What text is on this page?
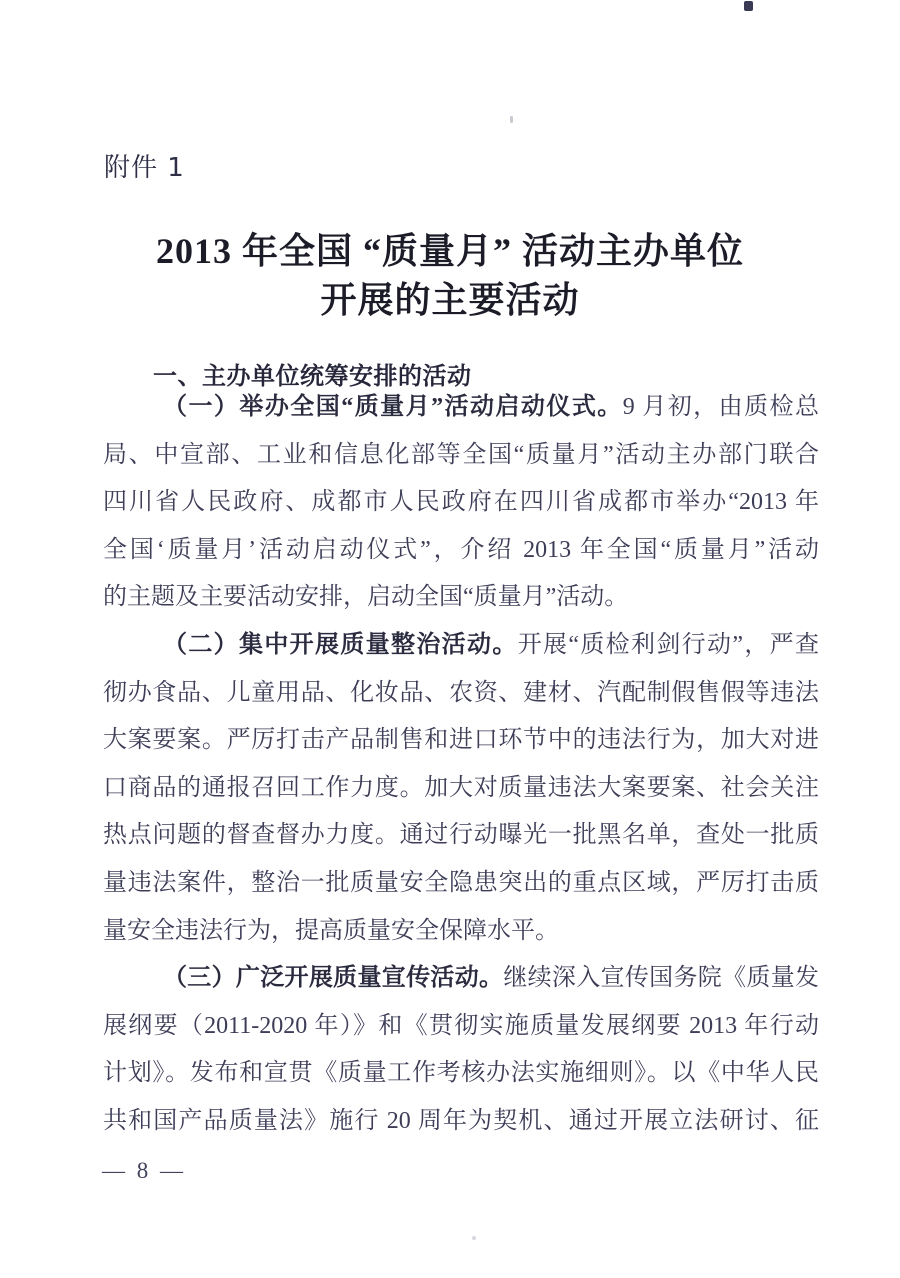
附件 1
2013 年全国 “质量月” 活动主办单位
开展的主要活动
一、主办单位统筹安排的活动
（一）举办全国“质量月”活动启动仪式。9 月初，由质检总
局、中宣部、工业和信息化部等全国“质量月”活动主办部门联合
四川省人民政府、成都市人民政府在四川省成都市举办“2013 年
全国‘质量月’活动启动仪式”，介绍 2013 年全国“质量月”活动
的主题及主要活动安排，启动全国“质量月”活动。
（二）集中开展质量整治活动。开展“质检利剑行动”，严查
彻办食品、儿童用品、化妆品、农资、建材、汽配制假售假等违法
大案要案。严厉打击产品制售和进口环节中的违法行为，加大对进
口商品的通报召回工作力度。加大对质量违法大案要案、社会关注
热点问题的督查督办力度。通过行动曝光一批黑名单，查处一批质
量违法案件，整治一批质量安全隐患突出的重点区域，严厉打击质
量安全违法行为，提高质量安全保障水平。
（三）广泛开展质量宣传活动。继续深入宣传国务院《质量发
展纲要（2011-2020 年）》和《贯彻实施质量发展纲要 2013 年行动
计划》。发布和宣贯《质量工作考核办法实施细则》。以《中华人民
共和国产品质量法》施行 20 周年为契机、通过开展立法研讨、征
— 8 —
